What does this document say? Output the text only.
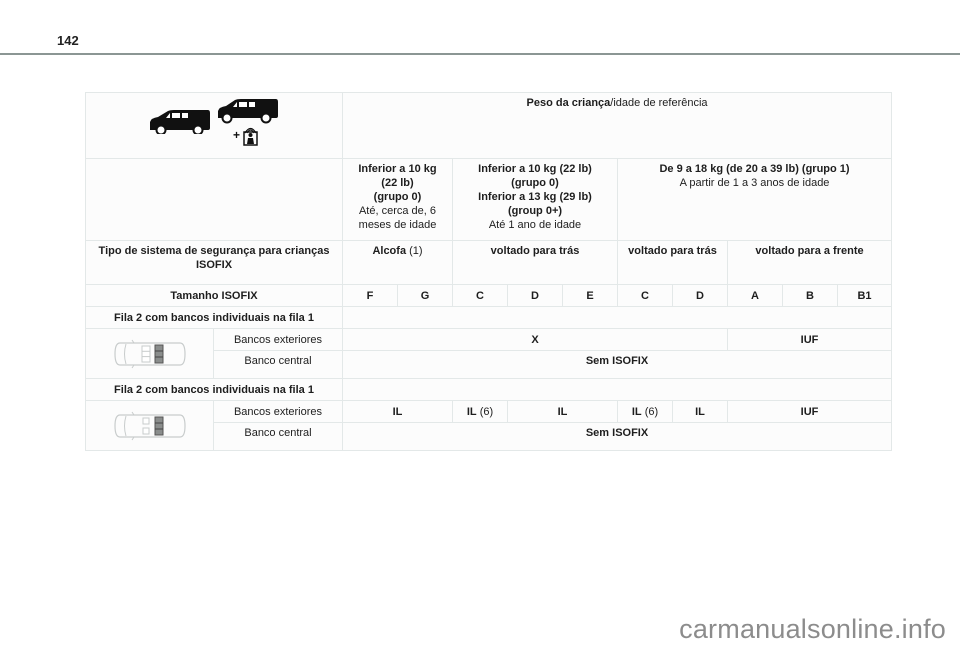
142
+		Peso da criança/idade de referência									

Inferior a 10 kg
(22 lb)
(grupo 0)
Até, cerca de, 6
meses de idade

Inferior a 10 kg (22 lb)
(grupo 0)
Inferior a 13 kg (29 lb)
(group 0+)
Até 1 ano de idade

De 9 a 18 kg (de 20 a 39 lb) (grupo 1)
A partir de 1 a 3 anos de idade

Tipo de sistema de segurança para crianças ISOFIX		Alcofa (1)		voltado para trás			voltado para trás		voltado para a frente		
Tamanho ISOFIX		F	G	C	D	E	C	D	A	B	B1
Fila 2 com bancos individuais na fila 1											

	Bancos exteriores	X							IUF		
	Banco central	Sem ISOFIX									
Fila 2 com bancos individuais na fila 1											

	Bancos exteriores	IL		IL (6)	IL		IL (6)	IL	IUF		
	Banco central	Sem ISOFIX									
carmanualsonline.info
